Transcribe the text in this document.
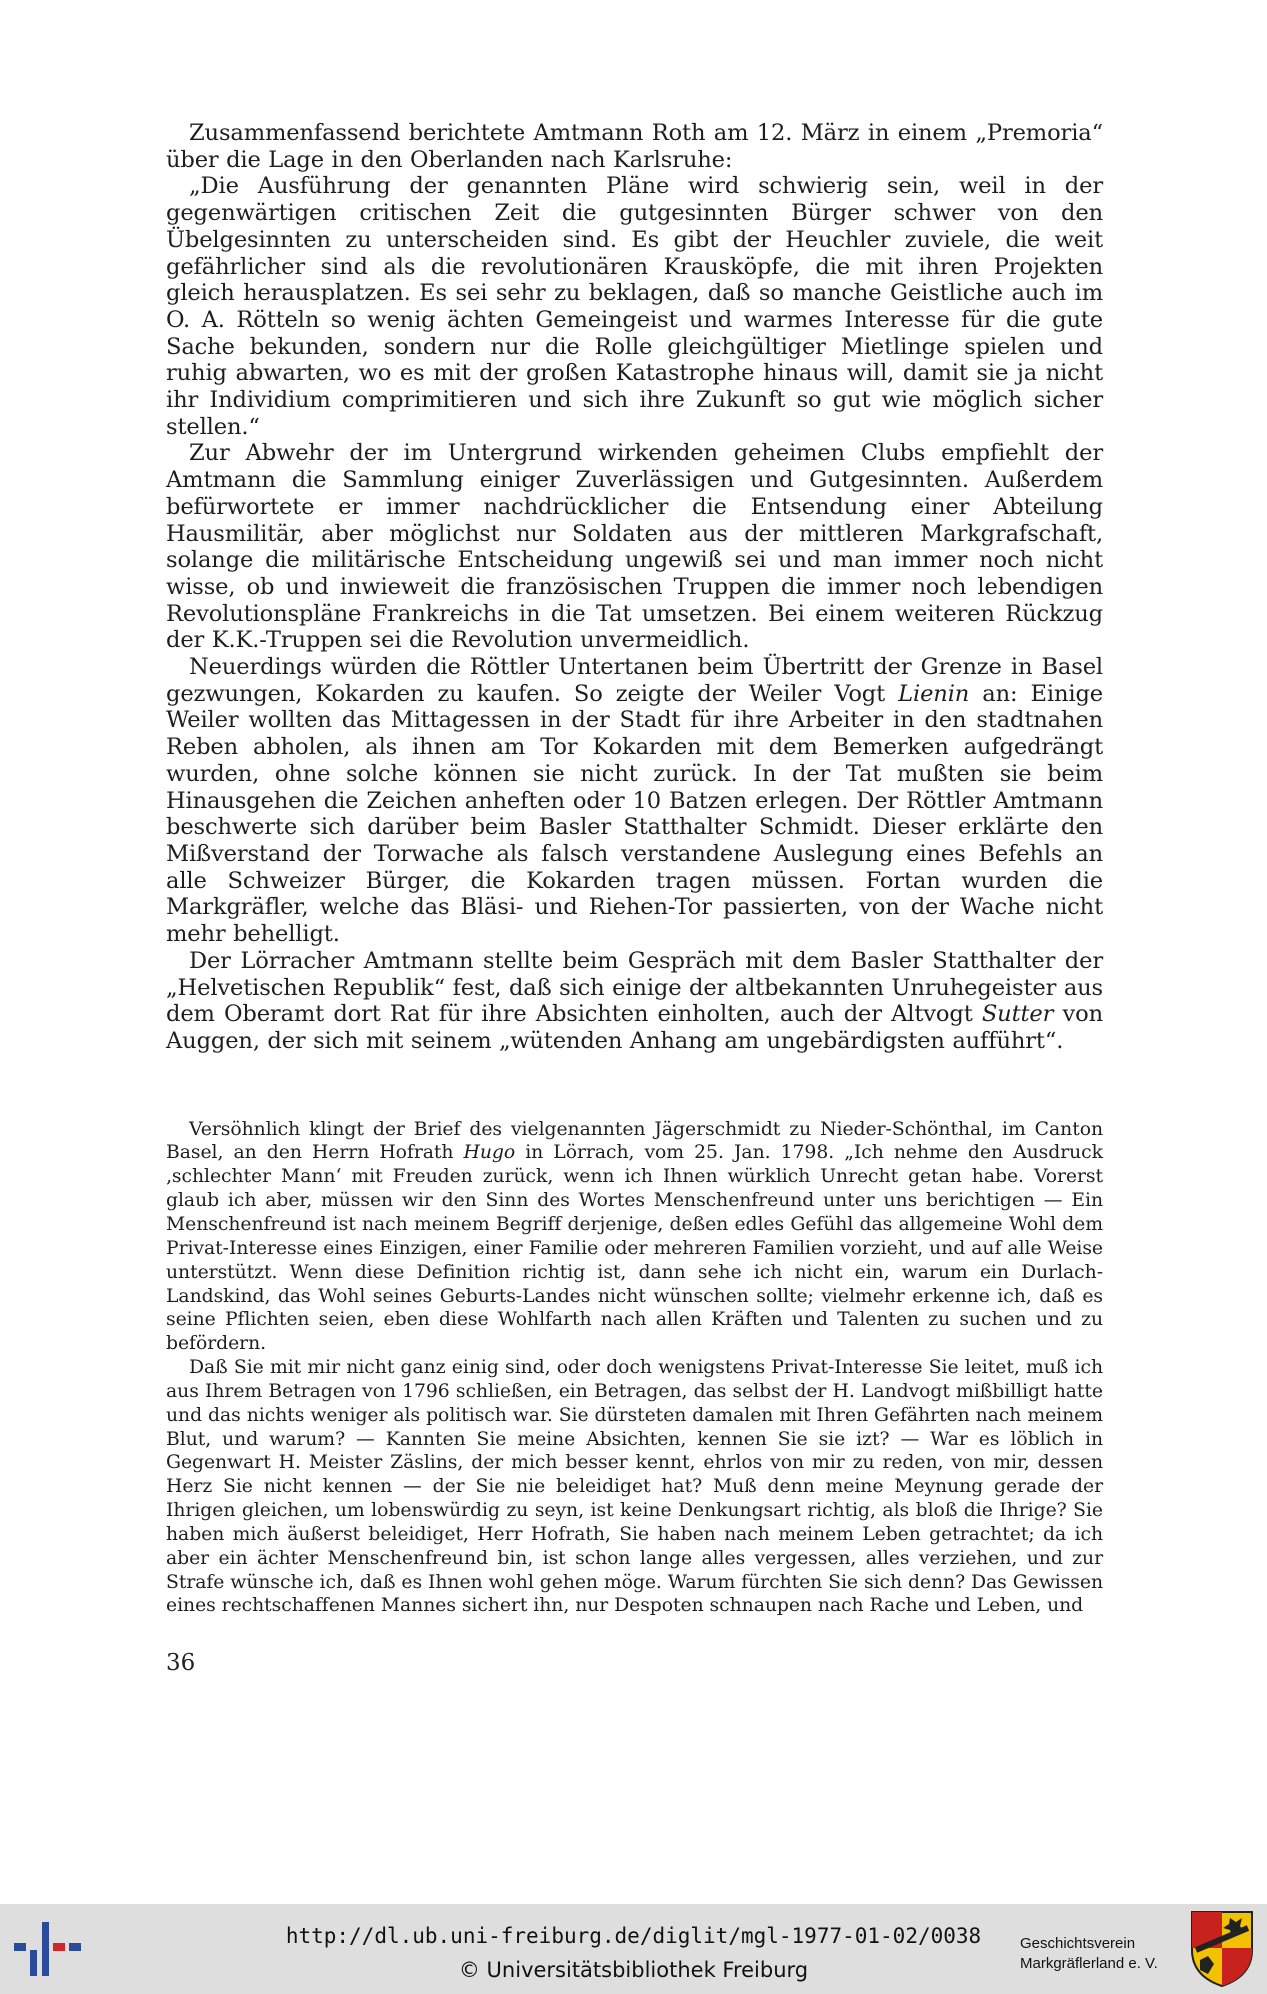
Zusammenfassend berichtete Amtmann Roth am 12. März in einem „Premoria“ über die Lage in den Oberlanden nach Karlsruhe:

„Die Ausführung der genannten Pläne wird schwierig sein, weil in der gegenwärtigen critischen Zeit die gutgesinnten Bürger schwer von den Übelgesinnten zu unterscheiden sind. Es gibt der Heuchler zuviele, die weit gefährlicher sind als die revolutionären Krausköpfe, die mit ihren Projekten gleich herausplatzen. Es sei sehr zu beklagen, daß so manche Geistliche auch im O. A. Rötteln so wenig ächten Gemeingeist und warmes Interesse für die gute Sache bekunden, sondern nur die Rolle gleichgültiger Mietlinge spielen und ruhig abwarten, wo es mit der großen Katastrophe hinaus will, damit sie ja nicht ihr Individium comprimitieren und sich ihre Zukunft so gut wie möglich sicher stellen.“

Zur Abwehr der im Untergrund wirkenden geheimen Clubs empfiehlt der Amtmann die Sammlung einiger Zuverlässigen und Gutgesinnten. Außerdem befürwortete er immer nachdrücklicher die Entsendung einer Abteilung Hausmilitär, aber möglichst nur Soldaten aus der mittleren Markgrafschaft, solange die militärische Entscheidung ungewiß sei und man immer noch nicht wisse, ob und inwieweit die französischen Truppen die immer noch lebendigen Revolutionspläne Frankreichs in die Tat umsetzen. Bei einem weiteren Rückzug der K.K.-Truppen sei die Revolution unvermeidlich.

Neuerdings würden die Röttler Untertanen beim Übertritt der Grenze in Basel gezwungen, Kokarden zu kaufen. So zeigte der Weiler Vogt Lienin an: Einige Weiler wollten das Mittagessen in der Stadt für ihre Arbeiter in den stadtnahen Reben abholen, als ihnen am Tor Kokarden mit dem Bemerken aufgedrängt wurden, ohne solche können sie nicht zurück. In der Tat mußten sie beim Hinausgehen die Zeichen anheften oder 10 Batzen erlegen. Der Röttler Amtmann beschwerte sich darüber beim Basler Statthalter Schmidt. Dieser erklärte den Mißverstand der Torwache als falsch verstandene Auslegung eines Befehls an alle Schweizer Bürger, die Kokarden tragen müssen. Fortan wurden die Markgräfler, welche das Bläsi- und Riehen-Tor passierten, von der Wache nicht mehr behelligt.

Der Lörracher Amtmann stellte beim Gespräch mit dem Basler Statthalter der „Helvetischen Republik“ fest, daß sich einige der altbekannten Unruhegeister aus dem Oberamt dort Rat für ihre Absichten einholten, auch der Altvogt Sutter von Auggen, der sich mit seinem „wütenden Anhang am ungebärdigsten aufführt“.

Versöhnlich klingt der Brief des vielgenannten Jägerschmidt zu Nieder-Schönthal, im Canton Basel, an den Herrn Hofrath Hugo in Lörrach, vom 25. Jan. 1798. „Ich nehme den Ausdruck ‚schlechter Mann‘ mit Freuden zurück, wenn ich Ihnen würklich Unrecht getan habe. Vorerst glaub ich aber, müssen wir den Sinn des Wortes Menschenfreund unter uns berichtigen — Ein Menschenfreund ist nach meinem Begriff derjenige, deßen edles Gefühl das allgemeine Wohl dem Privat-Interesse eines Einzigen, einer Familie oder mehreren Familien vorzieht, und auf alle Weise unterstützt. Wenn diese Definition richtig ist, dann sehe ich nicht ein, warum ein Durlach-Landskind, das Wohl seines Geburts-Landes nicht wünschen sollte; vielmehr erkenne ich, daß es seine Pflichten seien, eben diese Wohlfarth nach allen Kräften und Talenten zu suchen und zu befördern.

Daß Sie mit mir nicht ganz einig sind, oder doch wenigstens Privat-Interesse Sie leitet, muß ich aus Ihrem Betragen von 1796 schließen, ein Betragen, das selbst der H. Landvogt mißbilligt hatte und das nichts weniger als politisch war. Sie dürsteten damalen mit Ihren Gefährten nach meinem Blut, und warum? — Kannten Sie meine Absichten, kennen Sie sie izt? — War es löblich in Gegenwart H. Meister Zäslins, der mich besser kennt, ehrlos von mir zu reden, von mir, dessen Herz Sie nicht kennen — der Sie nie beleidiget hat? Muß denn meine Meynung gerade der Ihrigen gleichen, um lobenswürdig zu seyn, ist keine Denkungsart richtig, als bloß die Ihrige? Sie haben mich äußerst beleidiget, Herr Hofrath, Sie haben nach meinem Leben getrachtet; da ich aber ein ächter Menschenfreund bin, ist schon lange alles vergessen, alles verziehen, und zur Strafe wünsche ich, daß es Ihnen wohl gehen möge. Warum fürchten Sie sich denn? Das Gewissen eines rechtschaffenen Mannes sichert ihn, nur Despoten schnaupen nach Rache und Leben, und

36
http://dl.ub.uni-freiburg.de/diglit/mgl-1977-01-02/0038
© Universitätsbibliothek Freiburg
Geschichtsverein
Markgräflerland e. V.
